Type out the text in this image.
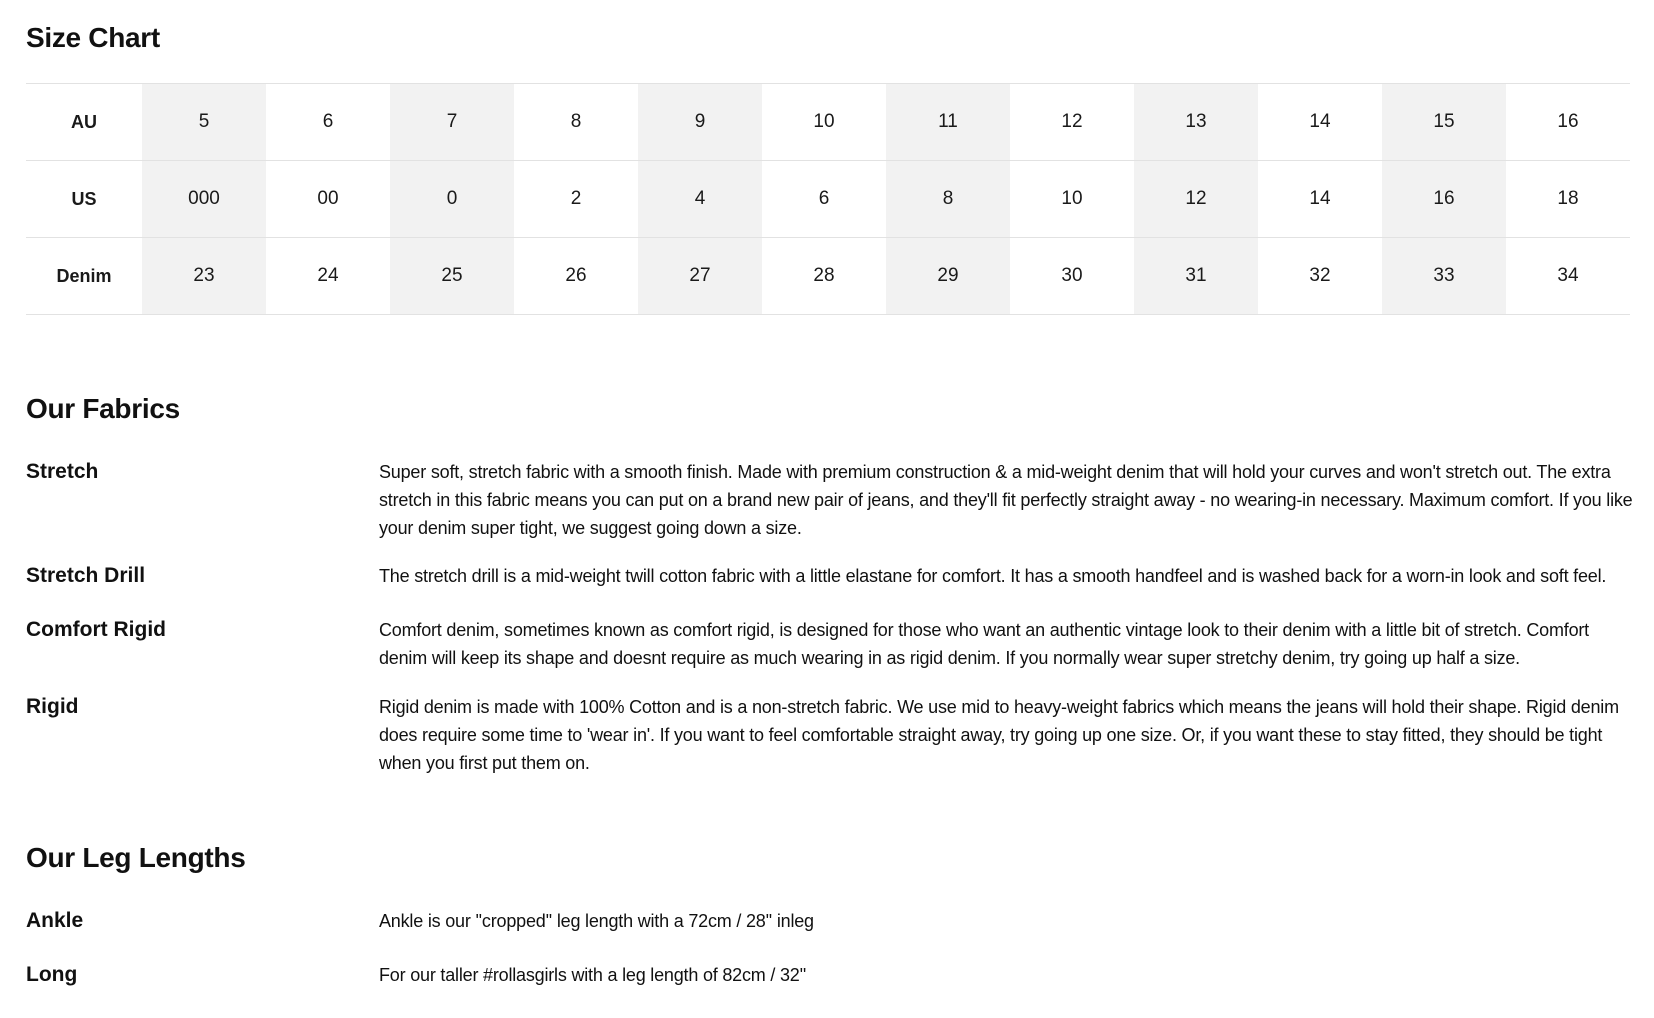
Size Chart
AU	5	6	7	8	9	10	11	12	13	14	15	16
US	000	00	0	2	4	6	8	10	12	14	16	18
Denim	23	24	25	26	27	28	29	30	31	32	33	34
Our Fabrics
Stretch	Super soft, stretch fabric with a smooth finish. Made with premium construction & a mid-weight denim that will hold your curves and won't stretch out. The extra stretch in this fabric means you can put on a brand new pair of jeans, and they'll fit perfectly straight away - no wearing-in necessary. Maximum comfort. If you like your denim super tight, we suggest going down a size.
Stretch Drill	The stretch drill is a mid-weight twill cotton fabric with a little elastane for comfort. It has a smooth handfeel and is washed back for a worn-in look and soft feel.
Comfort Rigid	Comfort denim, sometimes known as comfort rigid, is designed for those who want an authentic vintage look to their denim with a little bit of stretch. Comfort denim will keep its shape and doesnt require as much wearing in as rigid denim. If you normally wear super stretchy denim, try going up half a size.
Rigid	Rigid denim is made with 100% Cotton and is a non-stretch fabric. We use mid to heavy-weight fabrics which means the jeans will hold their shape. Rigid denim does require some time to 'wear in'. If you want to feel comfortable straight away, try going up one size. Or, if you want these to stay fitted, they should be tight when you first put them on.
Our Leg Lengths
Ankle	Ankle is our ''cropped'' leg length with a 72cm / 28'' inleg
Long	For our taller #rollasgirls with a leg length of 82cm / 32''
